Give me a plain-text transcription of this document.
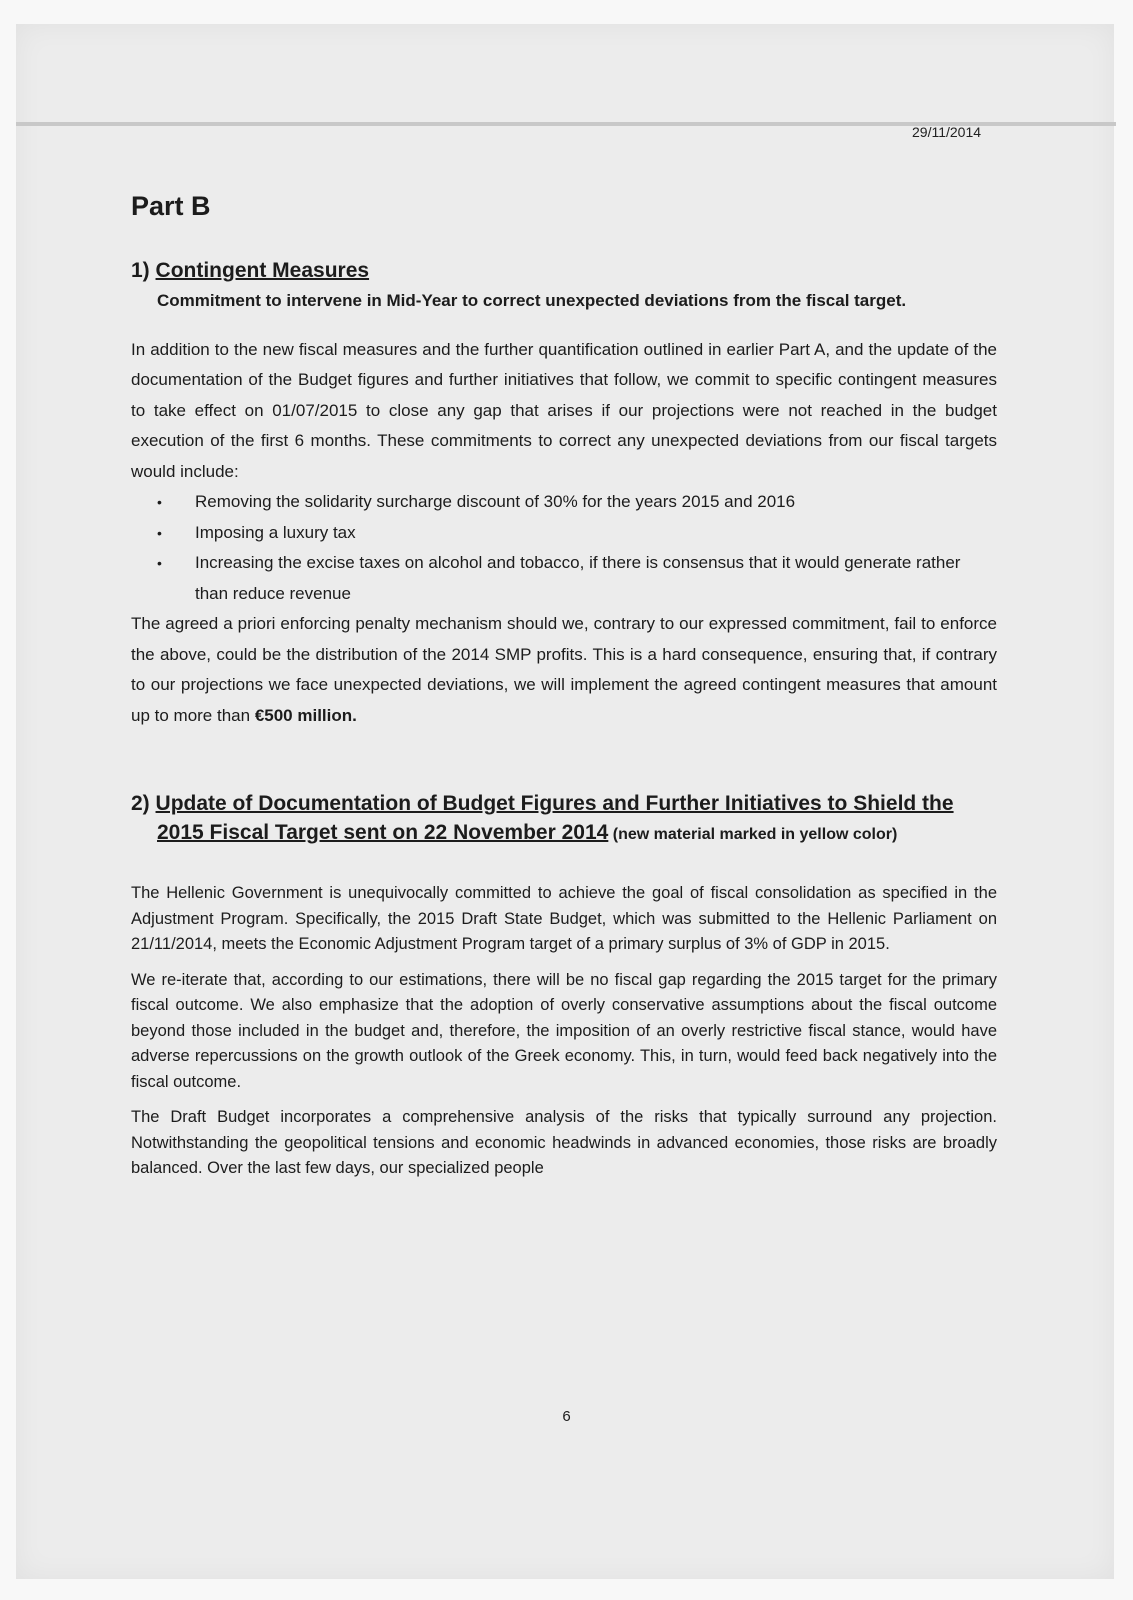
29/11/2014
Part B
1) Contingent Measures
Commitment to intervene in Mid-Year to correct unexpected deviations from the fiscal target.

In addition to the new fiscal measures and the further quantification outlined in earlier Part A, and the update of the documentation of the Budget figures and further initiatives that follow, we commit to specific contingent measures to take effect on 01/07/2015 to close any gap that arises if our projections were not reached in the budget execution of the first 6 months. These commitments to correct any unexpected deviations from our fiscal targets would include:

• Removing the solidarity surcharge discount of 30% for the years 2015 and 2016
• Imposing a luxury tax
• Increasing the excise taxes on alcohol and tobacco, if there is consensus that it would generate rather than reduce revenue

The agreed a priori enforcing penalty mechanism should we, contrary to our expressed commitment, fail to enforce the above, could be the distribution of the 2014 SMP profits. This is a hard consequence, ensuring that, if contrary to our projections we face unexpected deviations, we will implement the agreed contingent measures that amount up to more than €500 million.

2) Update of Documentation of Budget Figures and Further Initiatives to Shield the 2015 Fiscal Target sent on 22 November 2014 (new material marked in yellow color)

The Hellenic Government is unequivocally committed to achieve the goal of fiscal consolidation as specified in the Adjustment Program. Specifically, the 2015 Draft State Budget, which was submitted to the Hellenic Parliament on 21/11/2014, meets the Economic Adjustment Program target of a primary surplus of 3% of GDP in 2015.

We re-iterate that, according to our estimations, there will be no fiscal gap regarding the 2015 target for the primary fiscal outcome. We also emphasize that the adoption of overly conservative assumptions about the fiscal outcome beyond those included in the budget and, therefore, the imposition of an overly restrictive fiscal stance, would have adverse repercussions on the growth outlook of the Greek economy. This, in turn, would feed back negatively into the fiscal outcome.

The Draft Budget incorporates a comprehensive analysis of the risks that typically surround any projection. Notwithstanding the geopolitical tensions and economic headwinds in advanced economies, those risks are broadly balanced. Over the last few days, our specialized people

6
